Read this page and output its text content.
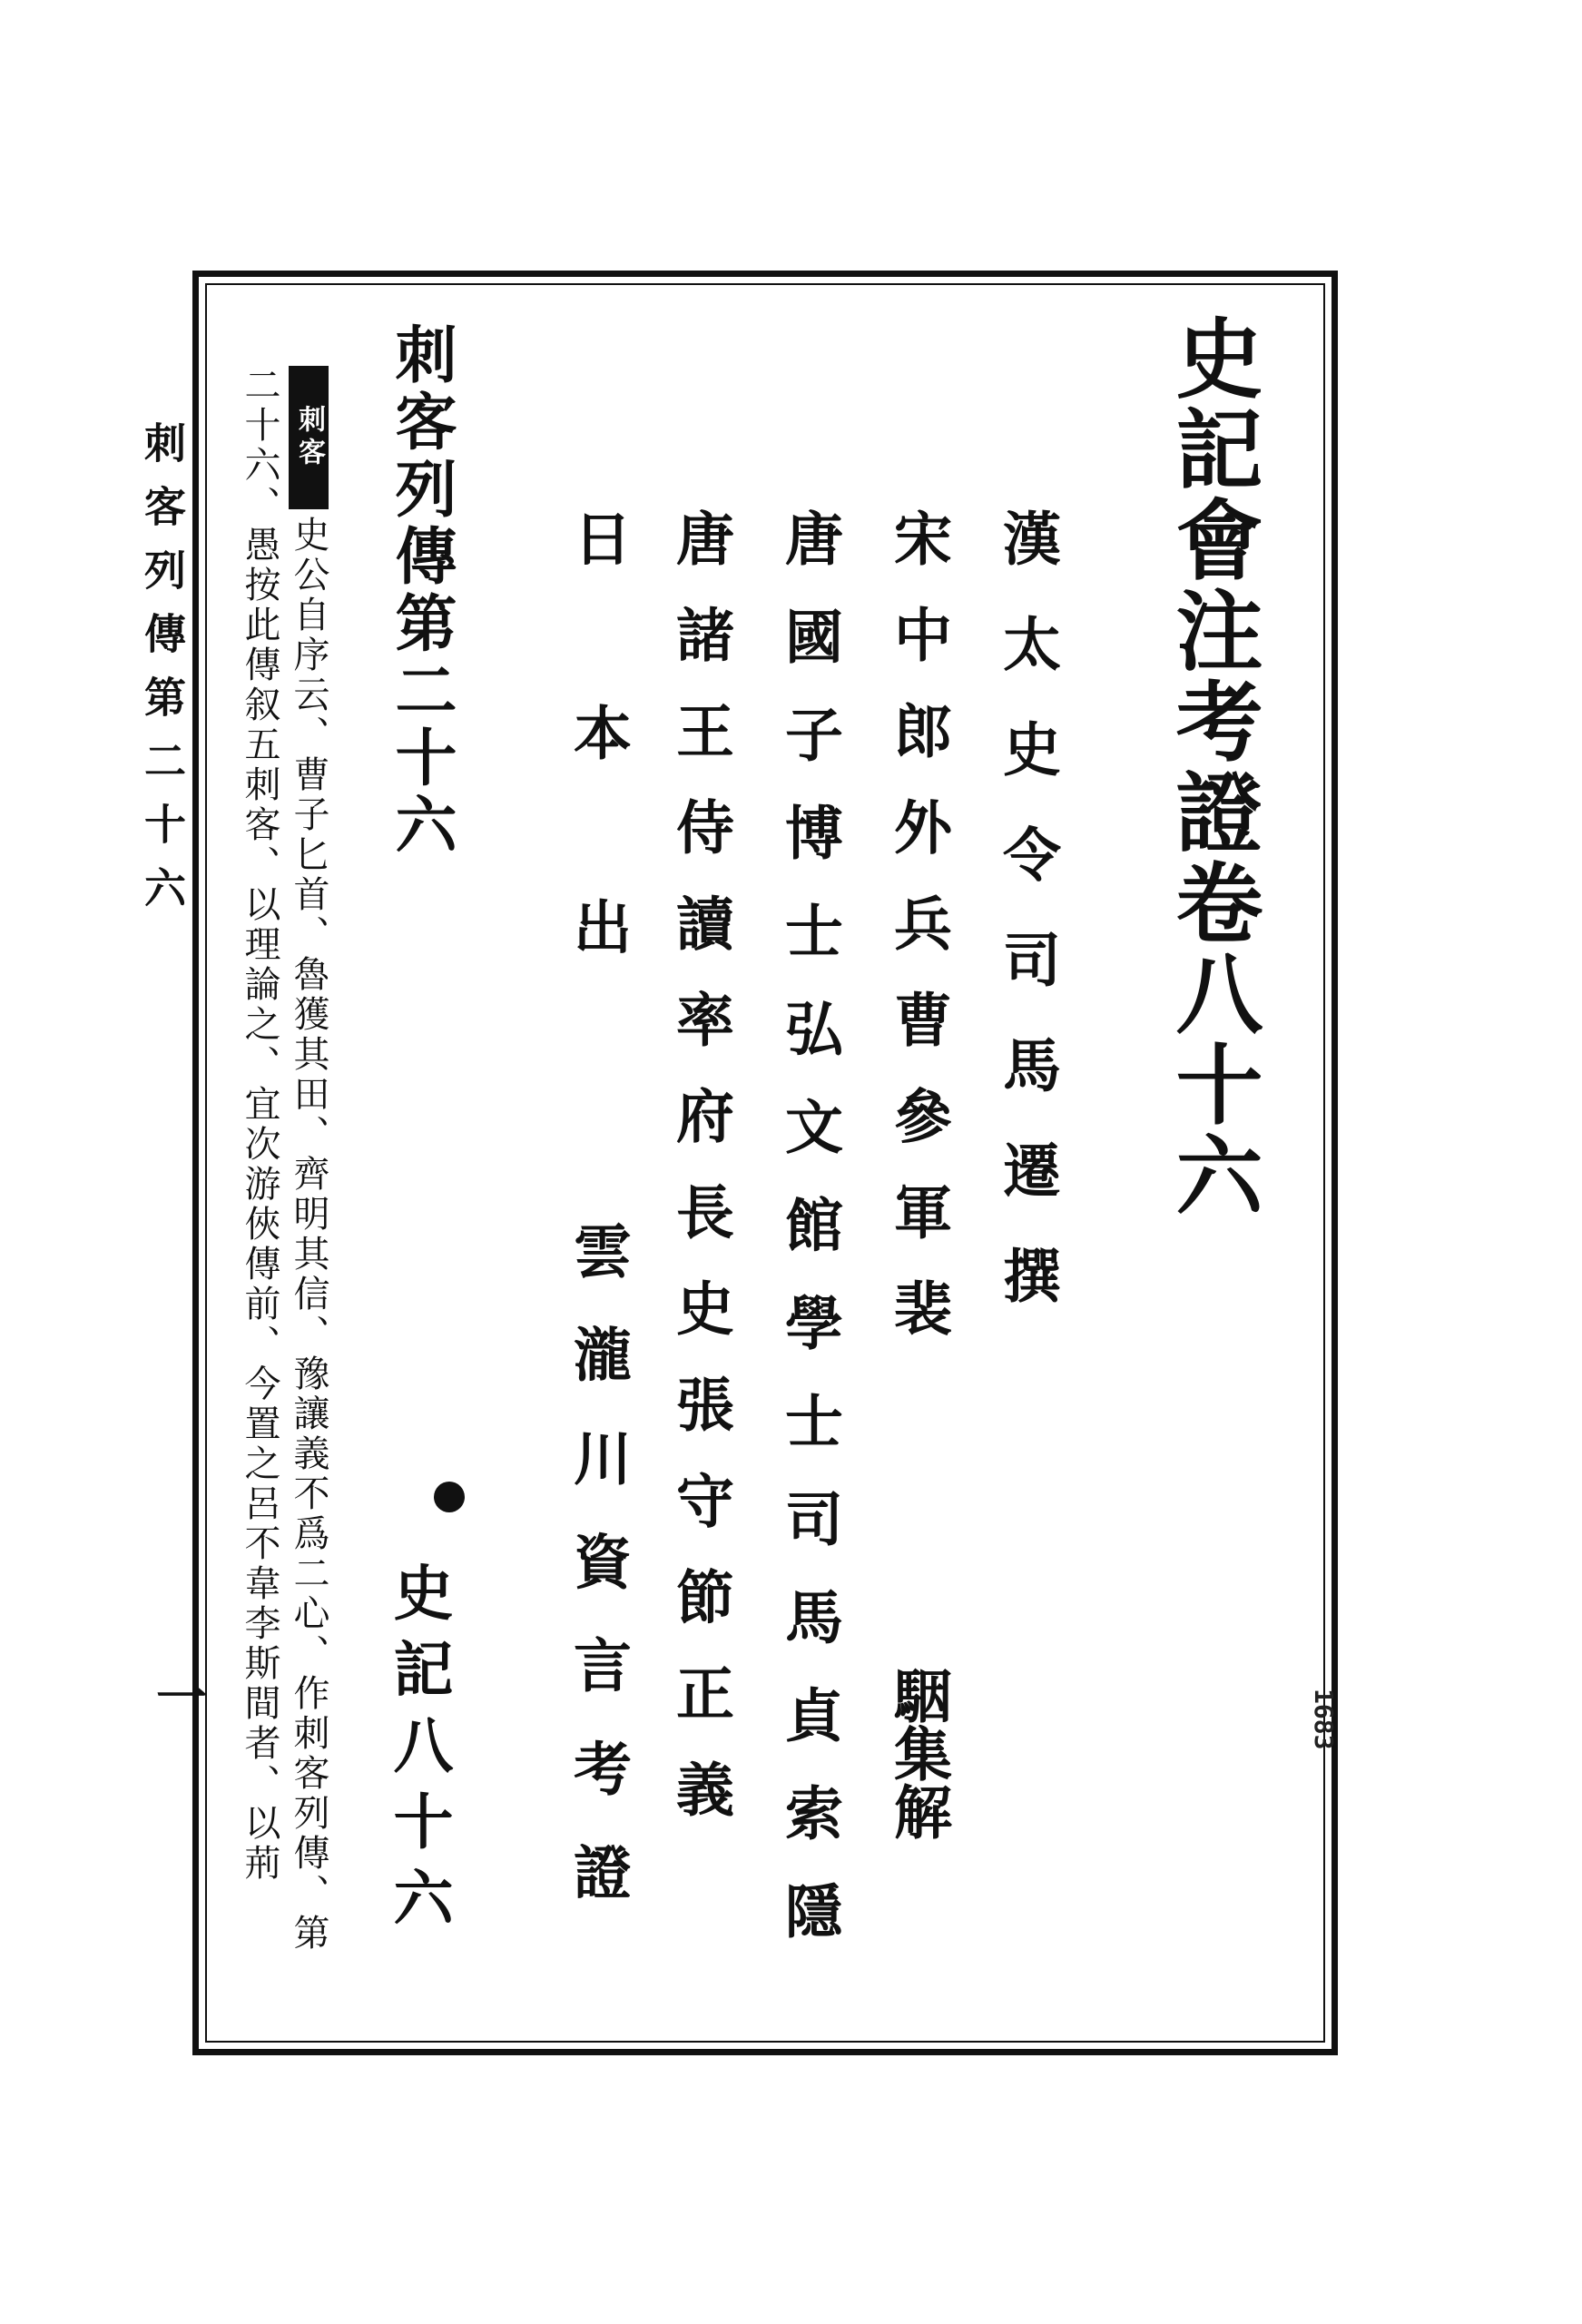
史記會注考證卷八十六

漢太史令司馬遷撰

宋中郎外兵曹參軍裴

駰集解

唐國子博士弘文館學士司馬貞索隱

唐諸王侍讀率府長史張守節正義

日本出

雲瀧川資言考證

刺客列傳第二十六

史記八十六

刺客

史公自序云、曹子匕首、魯獲其田、齊明其信、豫讓義不爲二心、作刺客列傳、第

二十六、愚按此傳叙五刺客、以理論之、宜次游俠傳前、今置之呂不韋李斯間者、以荊

刺客列傳第二十六

一	1683
